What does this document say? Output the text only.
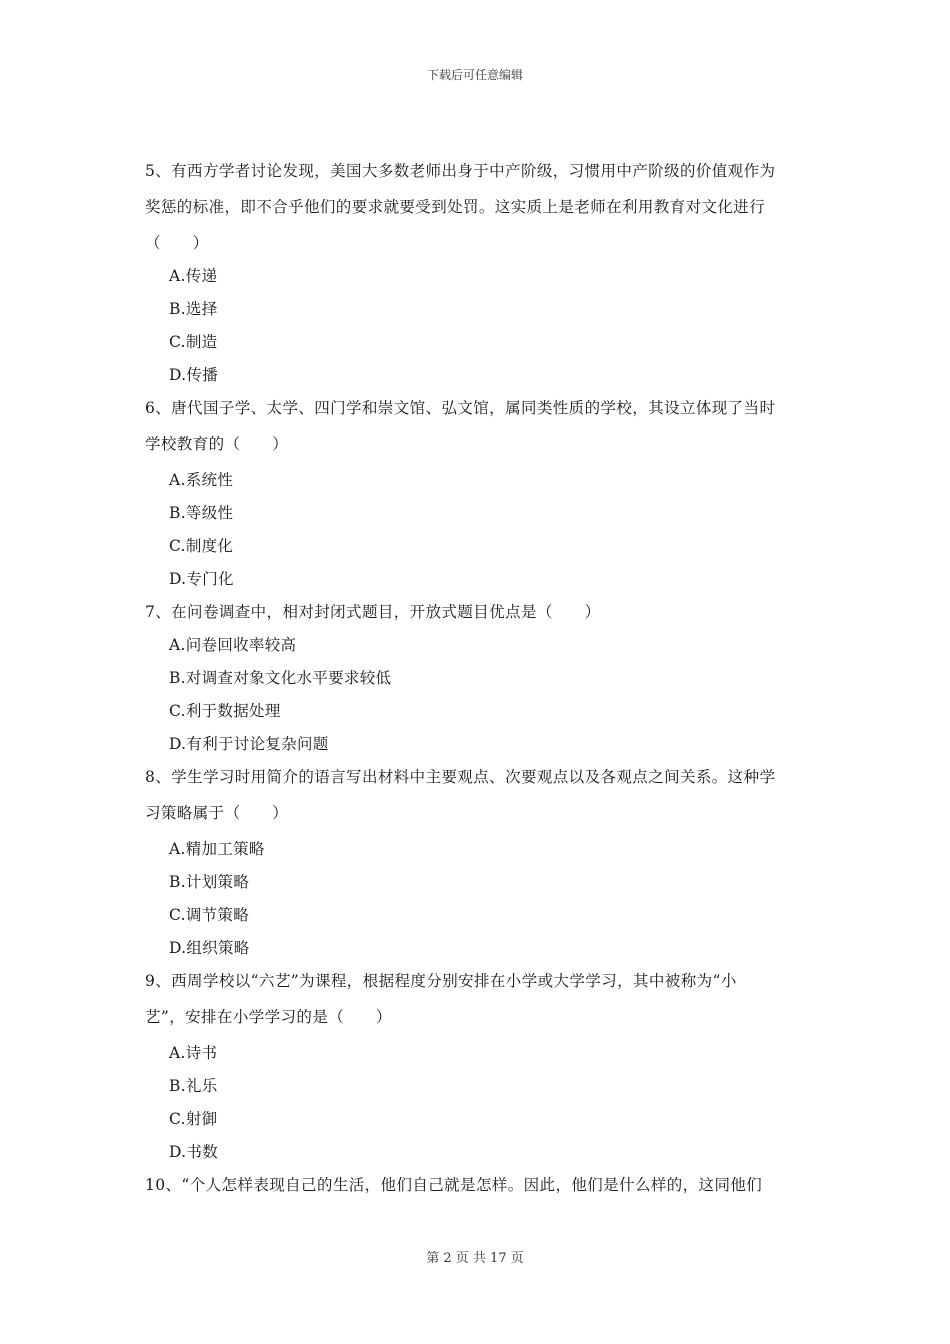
下载后可任意编辑
5、有西方学者讨论发现，美国大多数老师出身于中产阶级，习惯用中产阶级的价值观作为
奖惩的标准，即不合乎他们的要求就要受到处罚。这实质上是老师在利用教育对文化进行
（　　）
A.传递
B.选择
C.制造
D.传播
6、唐代国子学、太学、四门学和崇文馆、弘文馆，属同类性质的学校，其设立体现了当时
学校教育的（　　）
A.系统性
B.等级性
C.制度化
D.专门化
7、在问卷调查中，相对封闭式题目，开放式题目优点是（　　）
A.问卷回收率较高
B.对调查对象文化水平要求较低
C.利于数据处理
D.有利于讨论复杂问题
8、学生学习时用简介的语言写出材料中主要观点、次要观点以及各观点之间关系。这种学
习策略属于（　　）
A.精加工策略
B.计划策略
C.调节策略
D.组织策略
9、西周学校以“六艺”为课程，根据程度分别安排在小学或大学学习，其中被称为“小
艺”，安排在小学学习的是（　　）
A.诗书
B.礼乐
C.射御
D.书数
10、“个人怎样表现自己的生活，他们自己就是怎样。因此，他们是什么样的，这同他们
第 2 页 共 17 页
